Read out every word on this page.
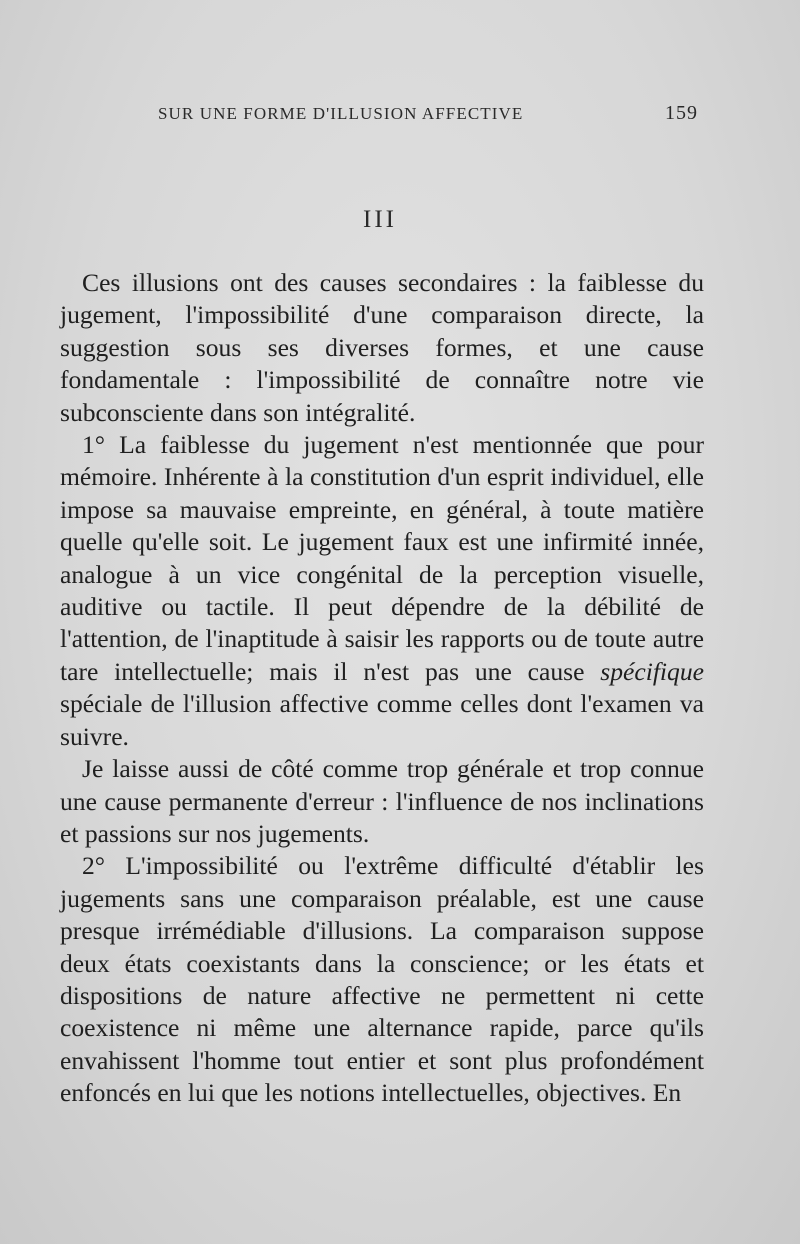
SUR UNE FORME D'ILLUSION AFFECTIVE	159
III

Ces illusions ont des causes secondaires : la faiblesse du jugement, l'impossibilité d'une comparaison directe, la suggestion sous ses diverses formes, et une cause fondamentale : l'impossibilité de connaître notre vie subconsciente dans son intégralité.

1° La faiblesse du jugement n'est mentionnée que pour mémoire. Inhérente à la constitution d'un esprit individuel, elle impose sa mauvaise empreinte, en général, à toute matière quelle qu'elle soit. Le jugement faux est une infirmité innée, analogue à un vice congénital de la perception visuelle, auditive ou tactile. Il peut dépendre de la débilité de l'attention, de l'inaptitude à saisir les rapports ou de toute autre tare intellectuelle; mais il n'est pas une cause spécifique spéciale de l'illusion affective comme celles dont l'examen va suivre.

Je laisse aussi de côté comme trop générale et trop connue une cause permanente d'erreur : l'influence de nos inclinations et passions sur nos jugements.

2° L'impossibilité ou l'extrême difficulté d'établir les jugements sans une comparaison préalable, est une cause presque irrémédiable d'illusions. La comparaison suppose deux états coexistants dans la conscience; or les états et dispositions de nature affective ne permettent ni cette coexistence ni même une alternance rapide, parce qu'ils envahissent l'homme tout entier et sont plus profondément enfoncés en lui que les notions intellectuelles, objectives. En
